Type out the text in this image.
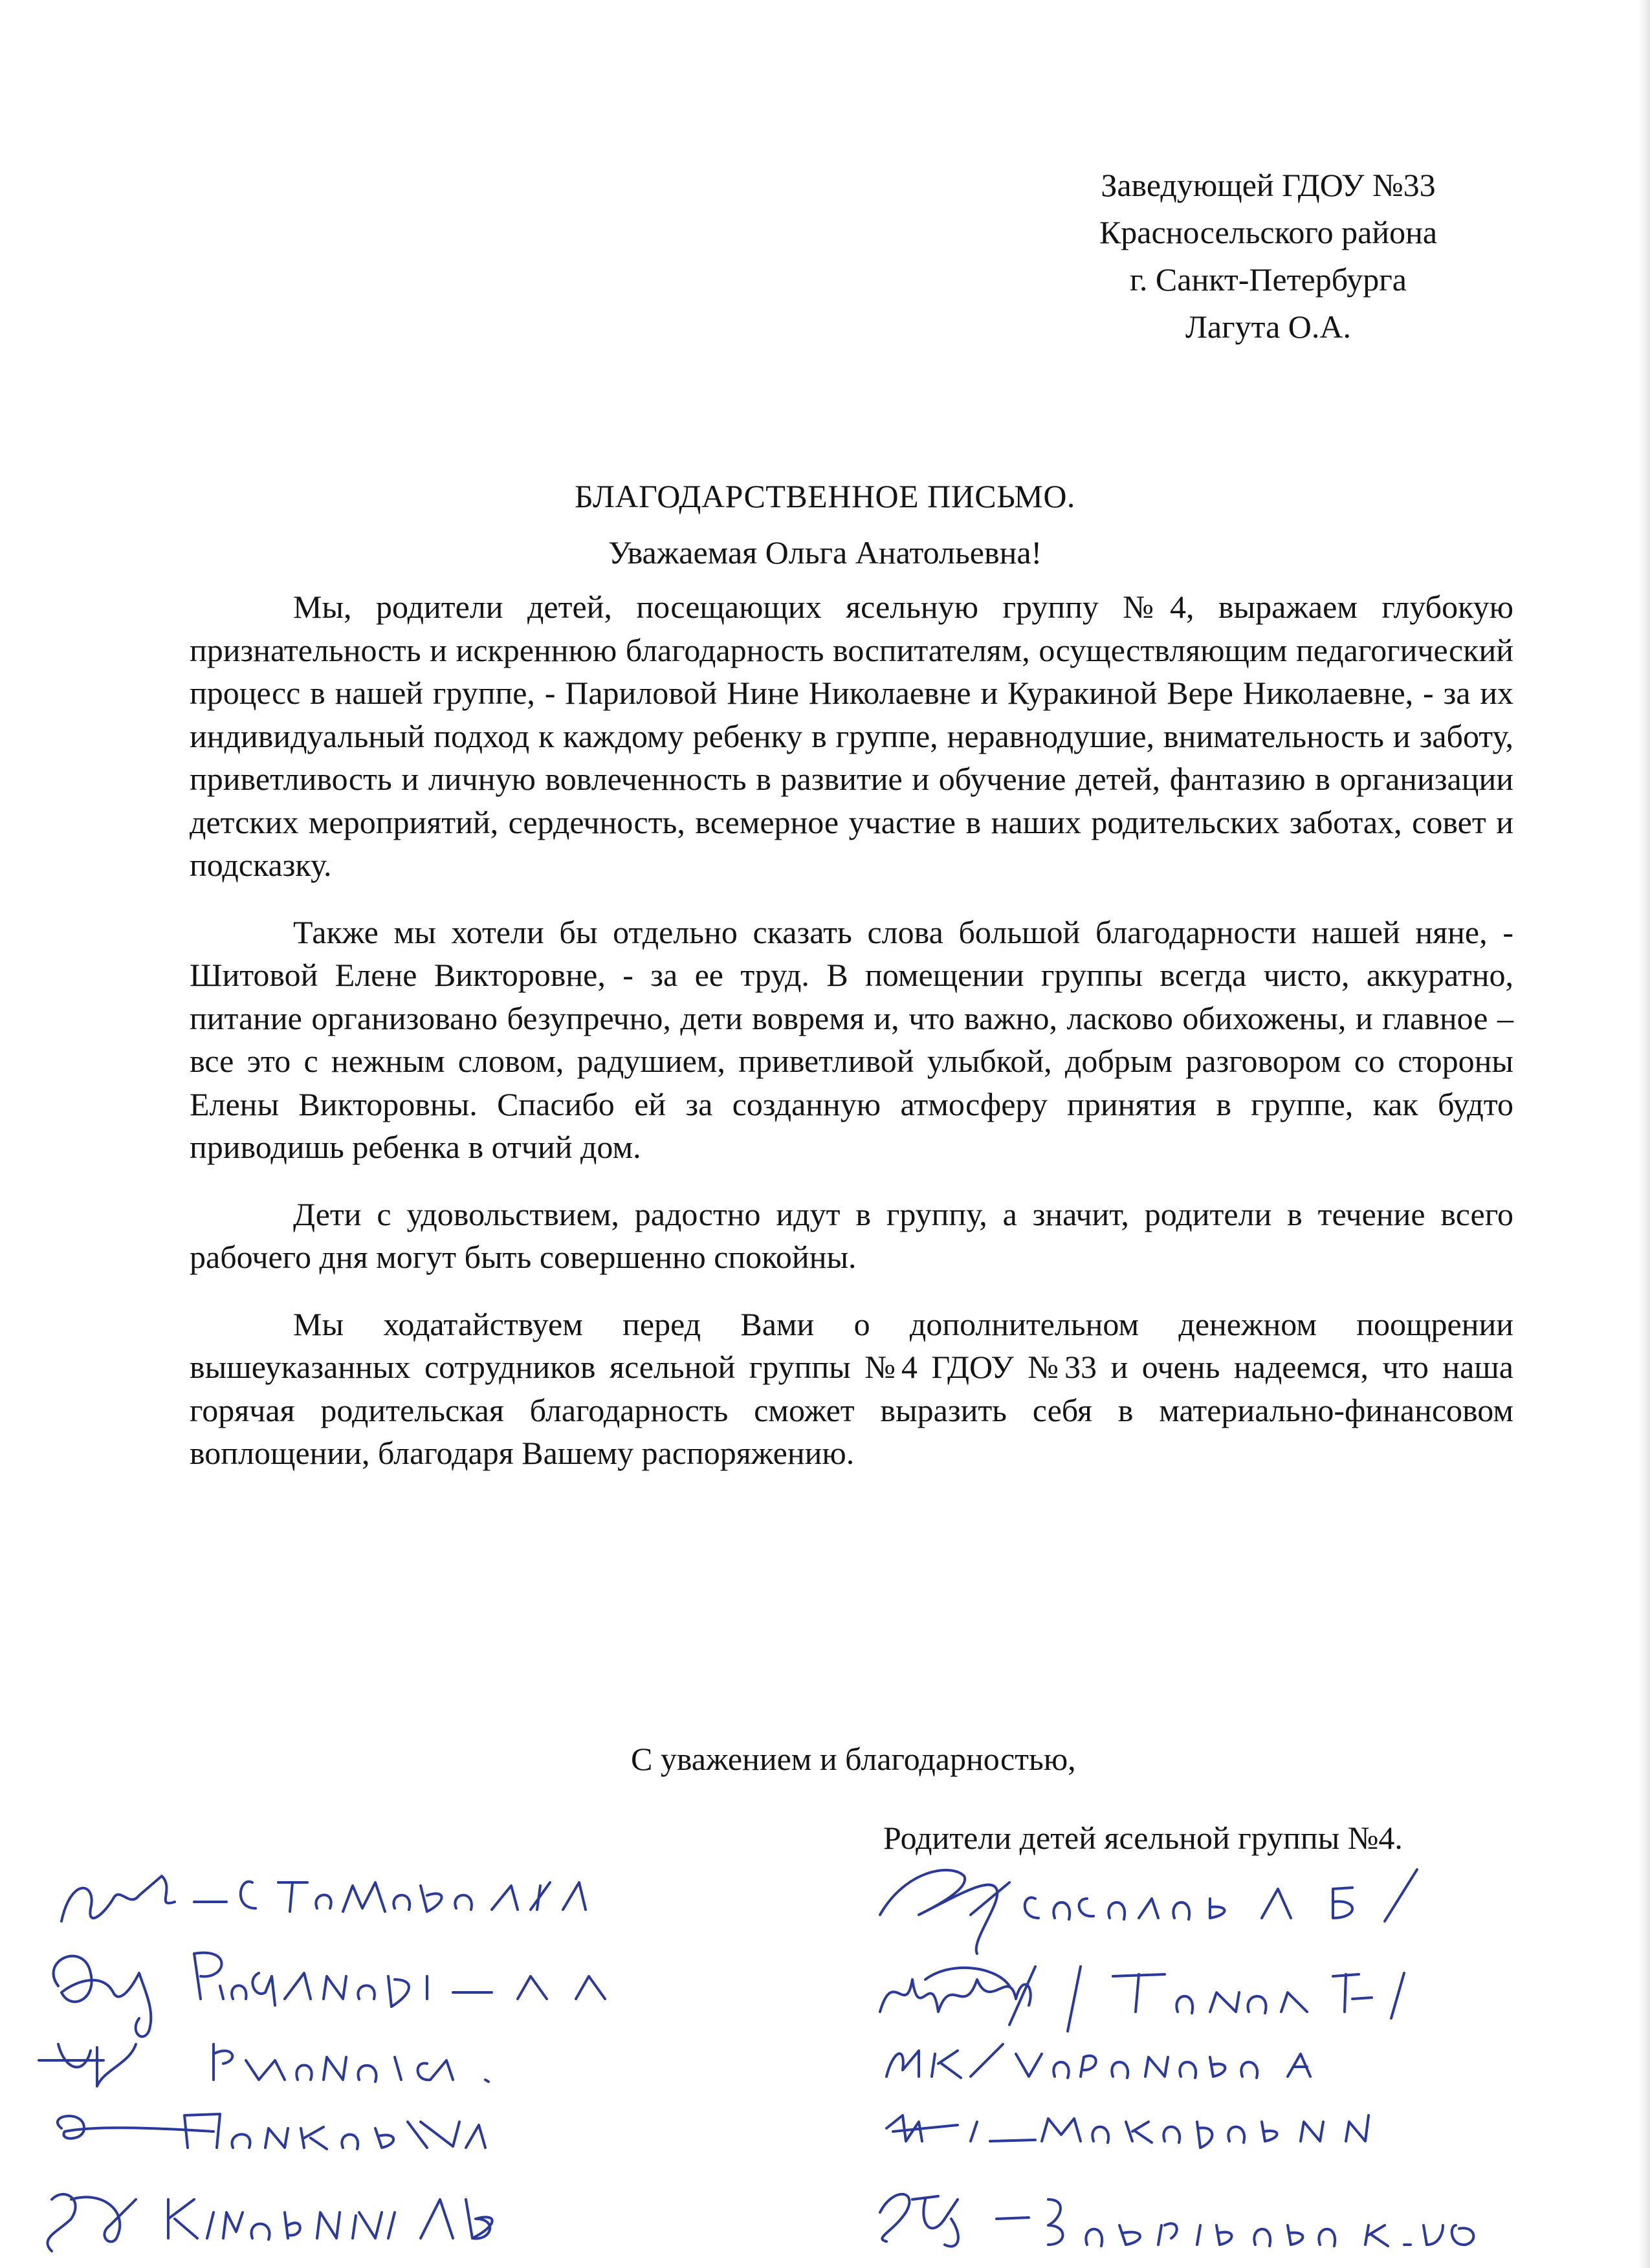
Заведующей ГДОУ №33
Красносельского района
г. Санкт-Петербурга
Лагута О.А.
БЛАГОДАРСТВЕННОЕ ПИСЬМО.
Уважаемая Ольга Анатольевна!

Мы, родители детей, посещающих ясельную группу №4, выражаем глубокую признательность и искреннюю благодарность воспитателям, осуществляющим педагогический процесс в нашей группе, - Париловой Нине Николаевне и Куракиной Вере Николаевне, - за их индивидуальный подход к каждому ребенку в группе, неравнодушие, внимательность и заботу, приветливость и личную вовлеченность в развитие и обучение детей, фантазию в организации детских мероприятий, сердечность, всемерное участие в наших родительских заботах, совет и подсказку.

Также мы хотели бы отдельно сказать слова большой благодарности нашей няне, - Шитовой Елене Викторовне, - за ее труд. В помещении группы всегда чисто, аккуратно, питание организовано безупречно, дети вовремя и, что важно, ласково обихожены, и главное – все это с нежным словом, радушием, приветливой улыбкой, добрым разговором со стороны Елены Викторовны. Спасибо ей за созданную атмосферу принятия в группе, как будто приводишь ребенка в отчий дом.

Дети с удовольствием, радостно идут в группу, а значит, родители в течение всего рабочего дня могут быть совершенно спокойны.

Мы ходатайствуем перед Вами о дополнительном денежном поощрении вышеуказанных сотрудников ясельной группы №4 ГДОУ №33 и очень надеемся, что наша горячая родительская благодарность сможет выразить себя в материально-финансовом воплощении, благодаря Вашему распоряжению.

С уважением и благодарностью,
Родители детей ясельной группы №4.
